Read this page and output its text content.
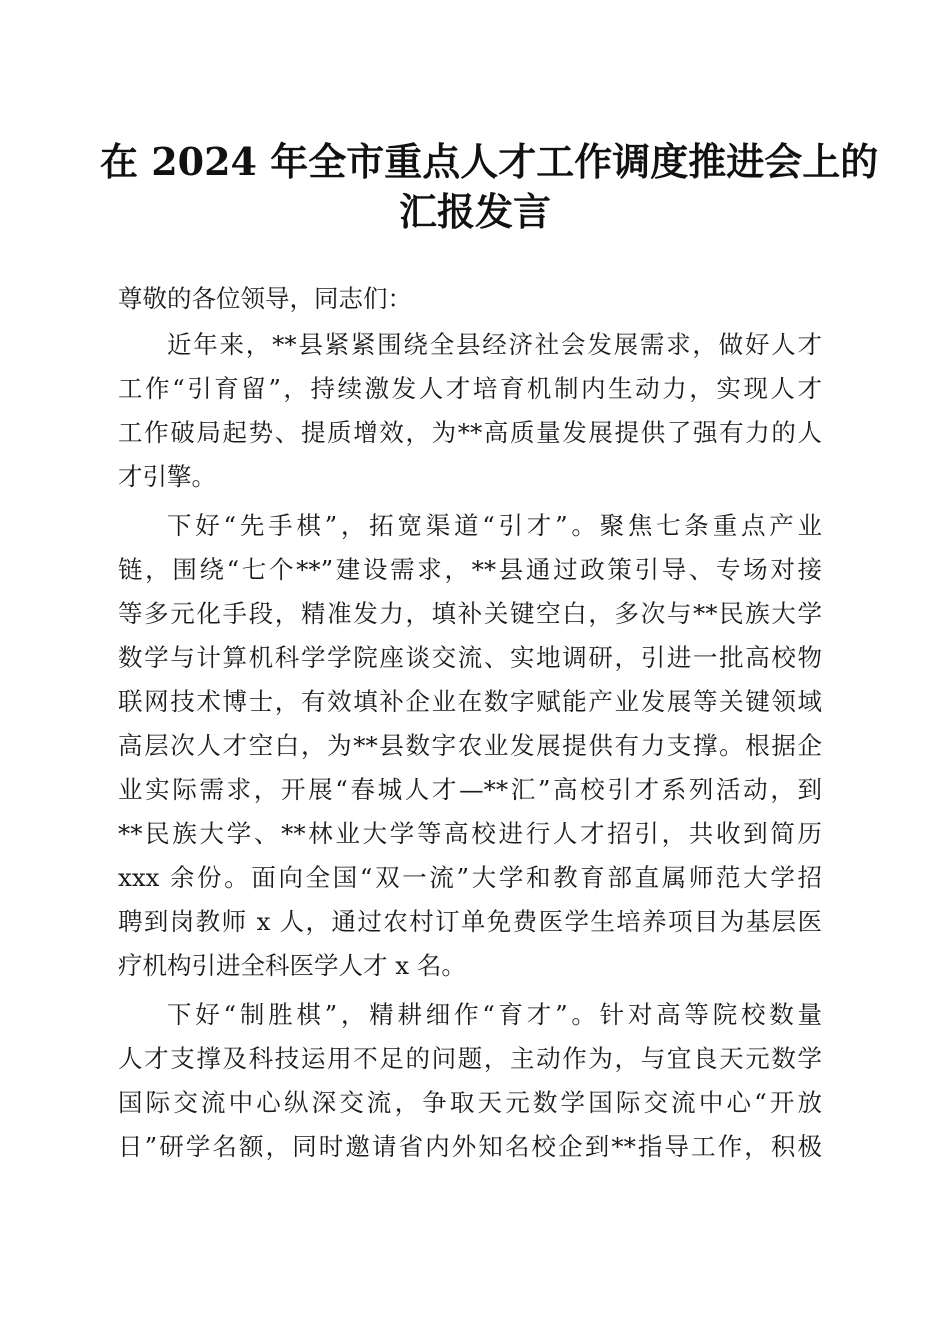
在 2024 年全市重点人才工作调度推进会上的
汇报发言
尊敬的各位领导，同志们：
近年来，**县紧紧围绕全县经济社会发展需求，做好人才
工作“引育留”，持续激发人才培育机制内生动力，实现人才
工作破局起势、提质增效，为**高质量发展提供了强有力的人
才引擎。
下好“先手棋”，拓宽渠道“引才”。聚焦七条重点产业
链，围绕“七个**”建设需求，**县通过政策引导、专场对接
等多元化手段，精准发力，填补关键空白，多次与**民族大学
数学与计算机科学学院座谈交流、实地调研，引进一批高校物
联网技术博士，有效填补企业在数字赋能产业发展等关键领域
高层次人才空白，为**县数字农业发展提供有力支撑。根据企
业实际需求，开展“春城人才—**汇”高校引才系列活动，到
**民族大学、**林业大学等高校进行人才招引，共收到简历
xxx 余份。面向全国“双一流”大学和教育部直属师范大学招
聘到岗教师 x 人，通过农村订单免费医学生培养项目为基层医
疗机构引进全科医学人才 x 名。
下好“制胜棋”，精耕细作“育才”。针对高等院校数量
人才支撑及科技运用不足的问题，主动作为，与宜良天元数学
国际交流中心纵深交流，争取天元数学国际交流中心“开放
日”研学名额，同时邀请省内外知名校企到**指导工作，积极
